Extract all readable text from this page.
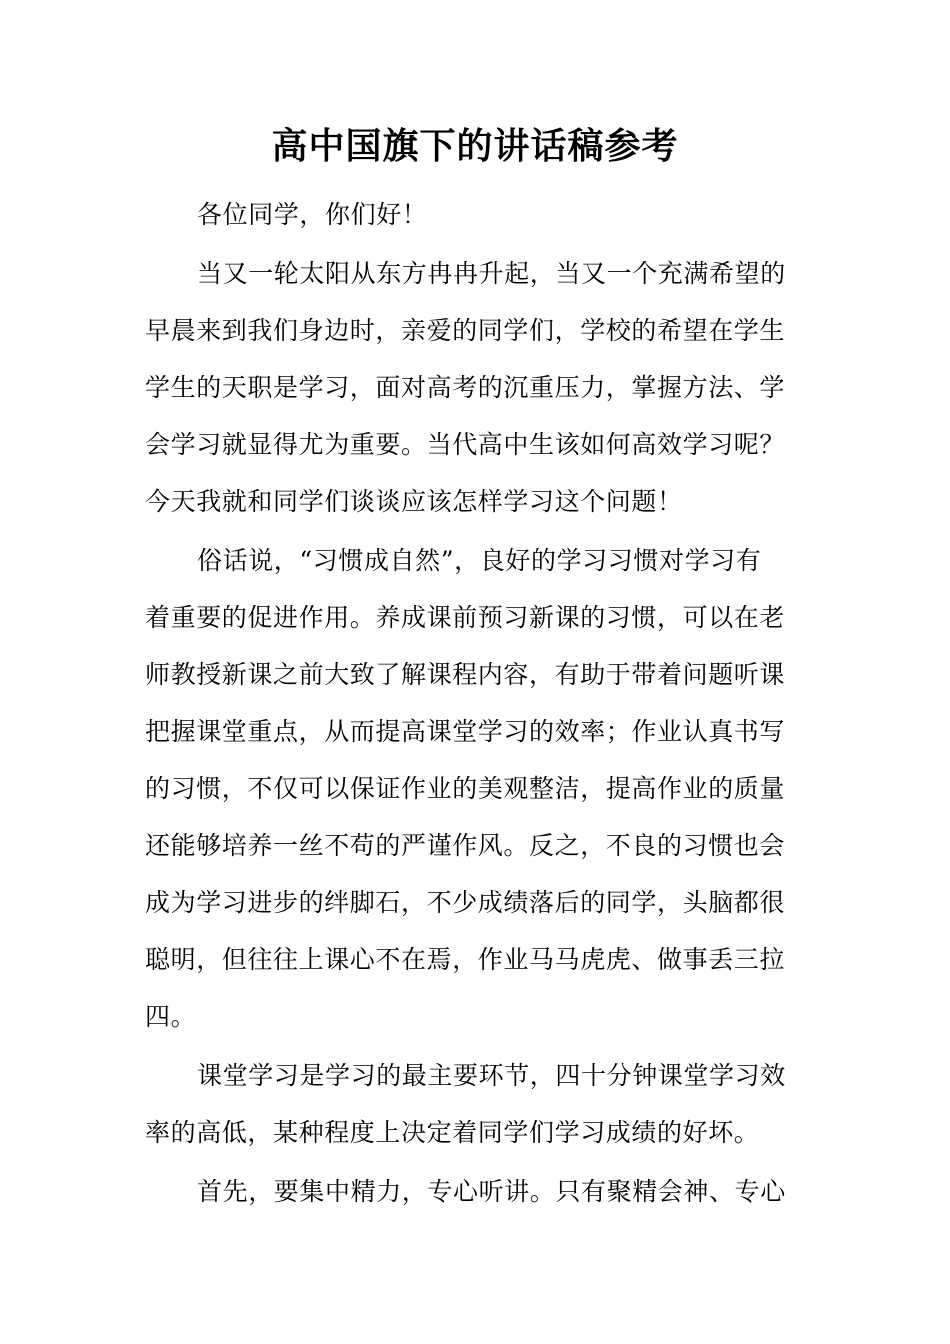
高中国旗下的讲话稿参考
各位同学，你们好！
当又一轮太阳从东方冉冉升起，当又一个充满希望的
早晨来到我们身边时，亲爱的同学们，学校的希望在学生
学生的天职是学习，面对高考的沉重压力，掌握方法、学
会学习就显得尤为重要。当代高中生该如何高效学习呢？
今天我就和同学们谈谈应该怎样学习这个问题！
俗话说，“习惯成自然”，良好的学习习惯对学习有
着重要的促进作用。养成课前预习新课的习惯，可以在老
师教授新课之前大致了解课程内容，有助于带着问题听课
把握课堂重点，从而提高课堂学习的效率；作业认真书写
的习惯，不仅可以保证作业的美观整洁，提高作业的质量
还能够培养一丝不苟的严谨作风。反之，不良的习惯也会
成为学习进步的绊脚石，不少成绩落后的同学，头脑都很
聪明，但往往上课心不在焉，作业马马虎虎、做事丢三拉
四。
课堂学习是学习的最主要环节，四十分钟课堂学习效
率的高低，某种程度上决定着同学们学习成绩的好坏。
首先，要集中精力，专心听讲。只有聚精会神、专心
